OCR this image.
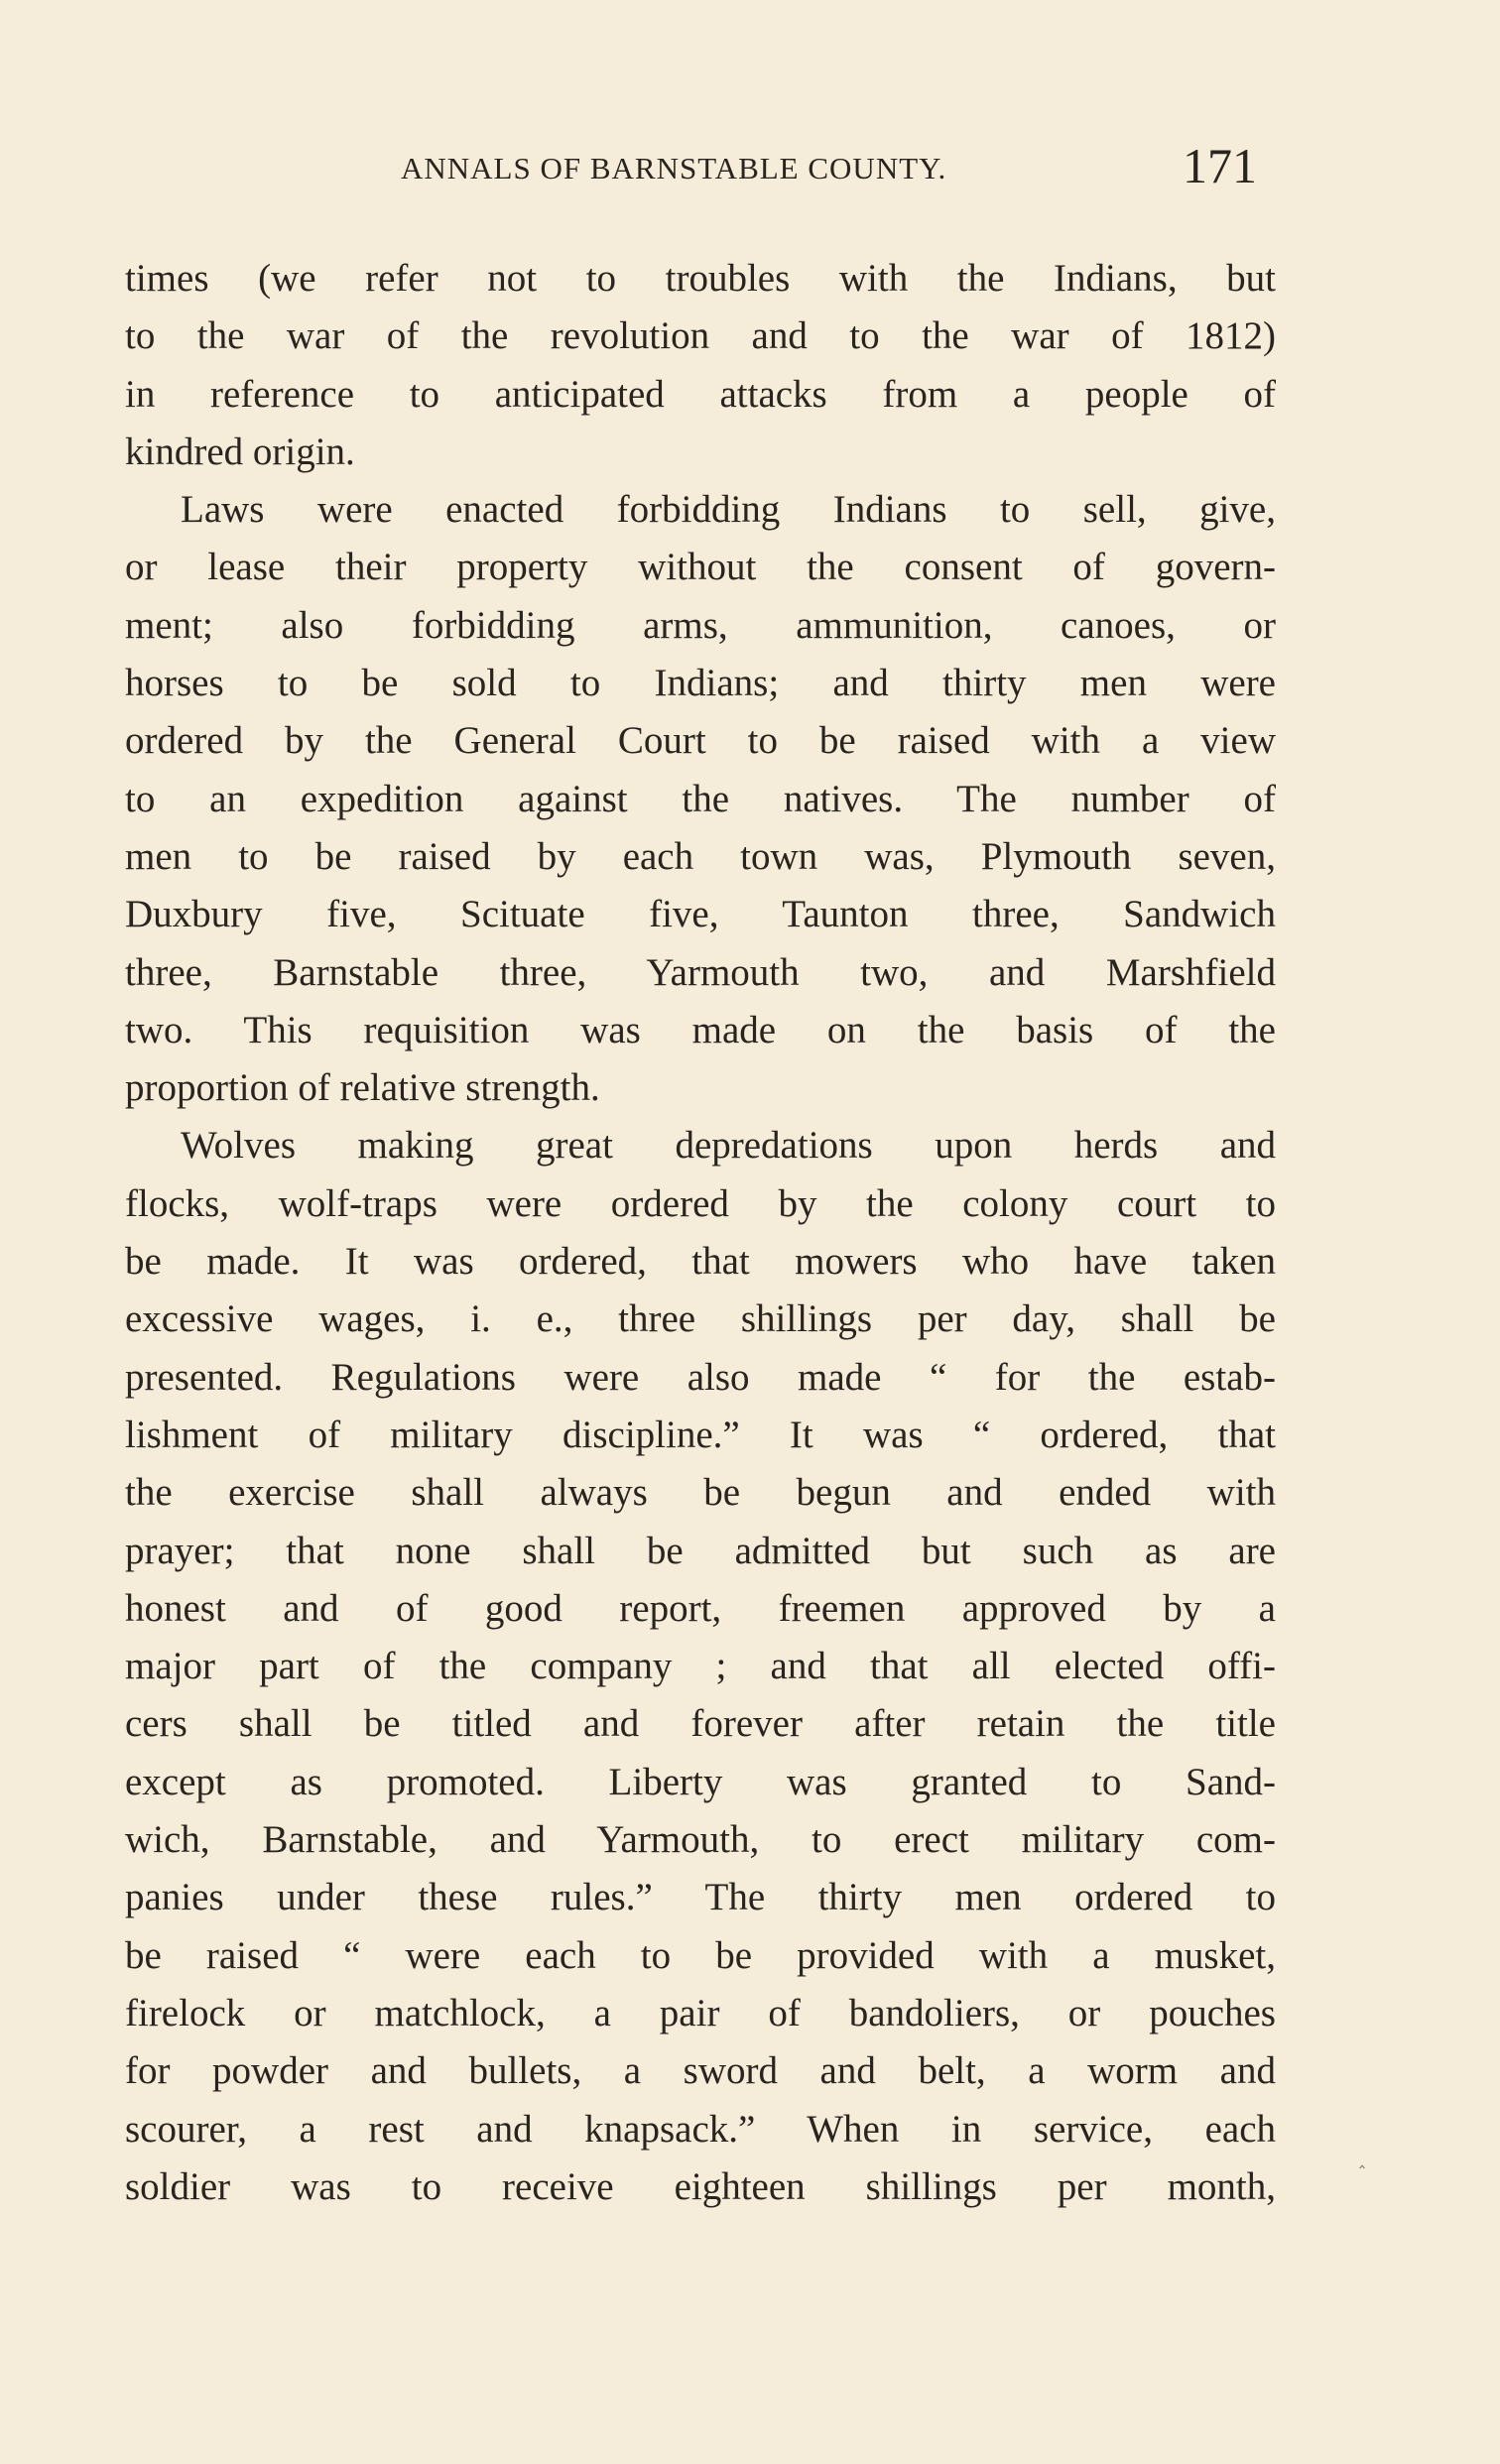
ANNALS OF BARNSTABLE COUNTY.	171
times (we refer not to troubles with the Indians, but
to the war of the revolution and to the war of 1812)
in reference to anticipated attacks from a people of
kindred origin.
Laws were enacted forbidding Indians to sell, give,
or lease their property without the consent of govern-
ment; also forbidding arms, ammunition, canoes, or
horses to be sold to Indians; and thirty men were
ordered by the General Court to be raised with a view
to an expedition against the natives. The number of
men to be raised by each town was, Plymouth seven,
Duxbury five, Scituate five, Taunton three, Sandwich
three, Barnstable three, Yarmouth two, and Marshfield
two. This requisition was made on the basis of the
proportion of relative strength.
Wolves making great depredations upon herds and
flocks, wolf-traps were ordered by the colony court to
be made. It was ordered, that mowers who have taken
excessive wages, i. e., three shillings per day, shall be
presented. Regulations were also made “ for the estab-
lishment of military discipline.” It was “ ordered, that
the exercise shall always be begun and ended with
prayer; that none shall be admitted but such as are
honest and of good report, freemen approved by a
major part of the company ; and that all elected offi-
cers shall be titled and forever after retain the title
except as promoted. Liberty was granted to Sand-
wich, Barnstable, and Yarmouth, to erect military com-
panies under these rules.” The thirty men ordered to
be raised “ were each to be provided with a musket,
firelock or matchlock, a pair of bandoliers, or pouches
for powder and bullets, a sword and belt, a worm and
scourer, a rest and knapsack.” When in service, each
soldier was to receive eighteen shillings per month,
‸
